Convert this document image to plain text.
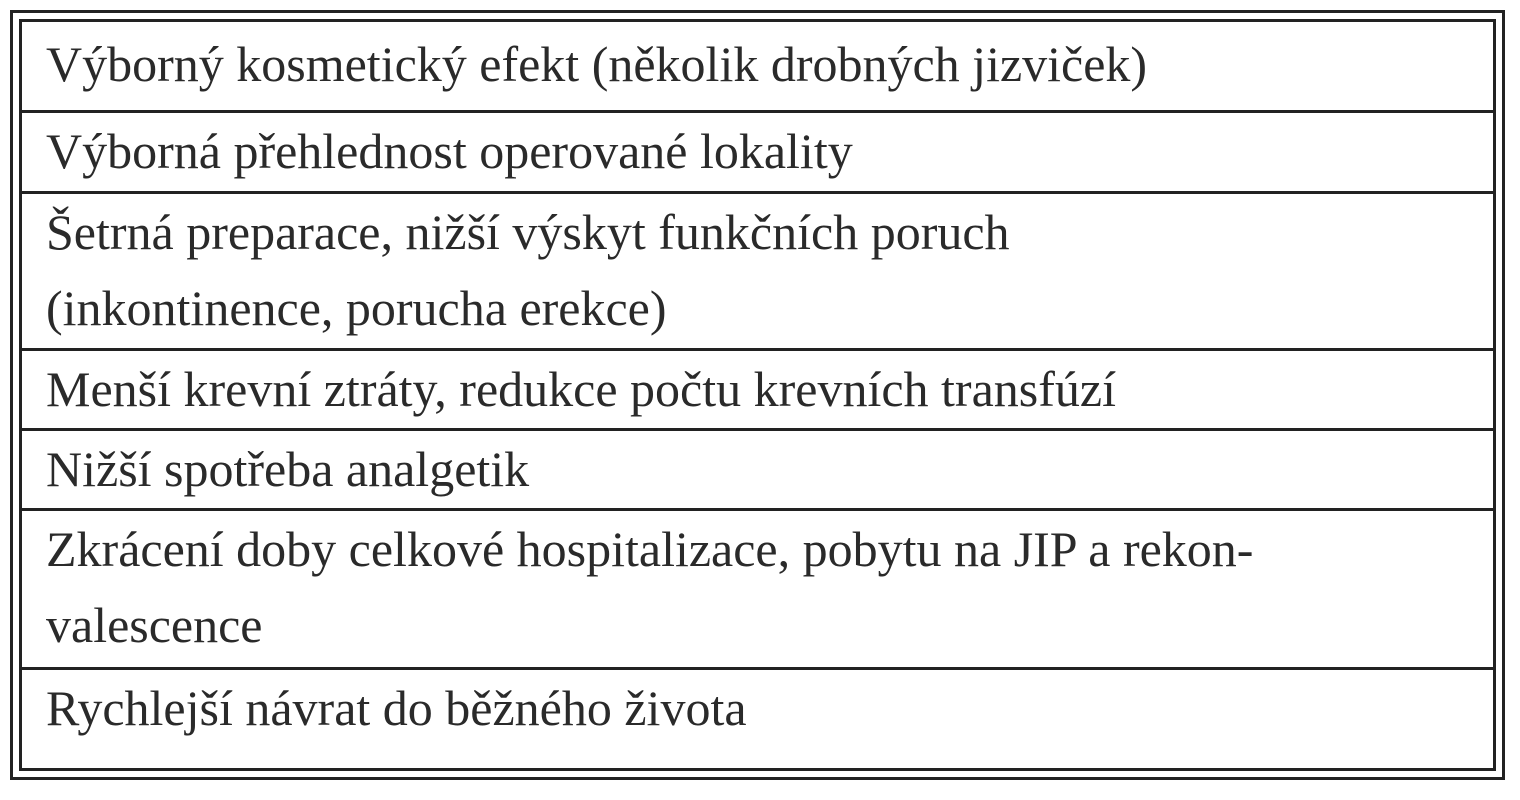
Výborný kosmetický efekt (několik drobných jizviček)
Výborná přehlednost operované lokality
Šetrná preparace, nižší výskyt funkčních poruch
(inkontinence, porucha erekce)
Menší krevní ztráty, redukce počtu krevních transfúzí
Nižší spotřeba analgetik
Zkrácení doby celkové hospitalizace, pobytu na JIP a rekon-
valescence
Rychlejší návrat do běžného života
